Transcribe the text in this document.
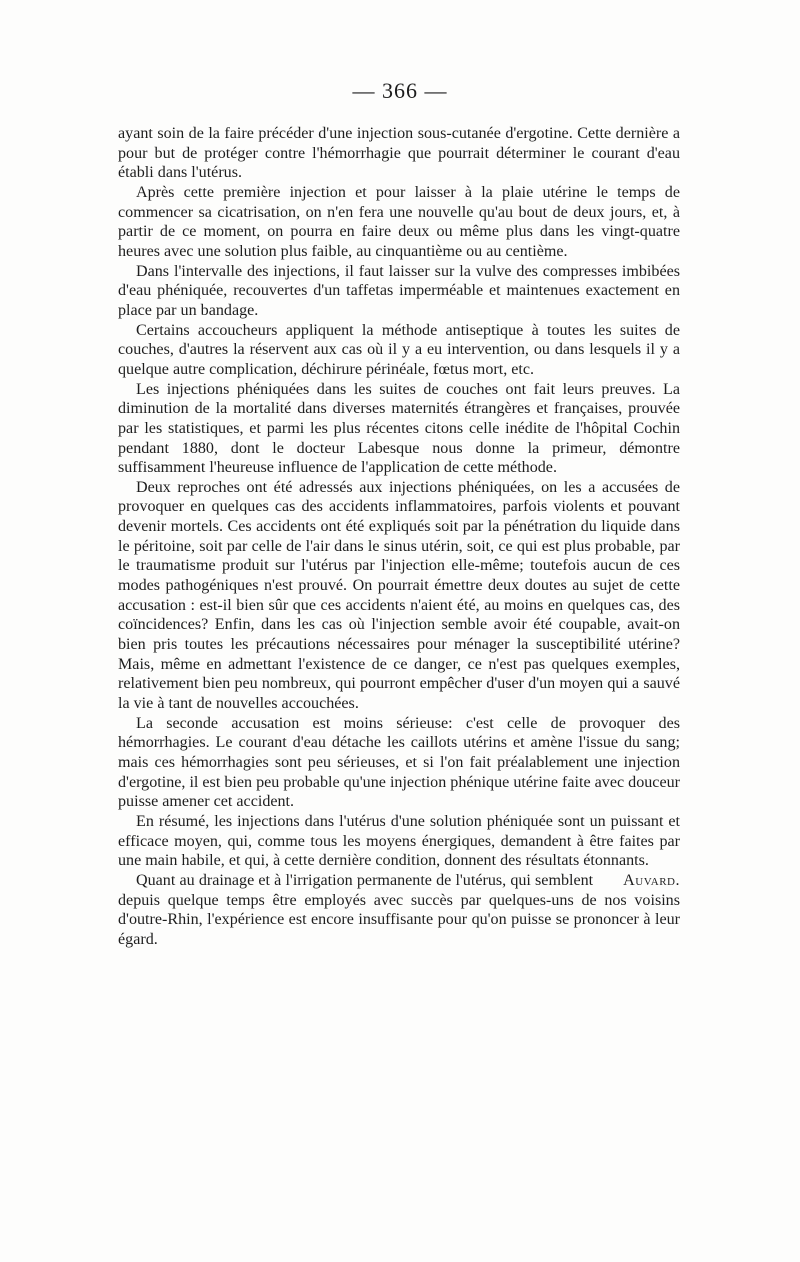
— 366 —

ayant soin de la faire précéder d'une injection sous-cutanée d'ergotine. Cette dernière a pour but de protéger contre l'hémorrhagie que pourrait déterminer le courant d'eau établi dans l'utérus.

Après cette première injection et pour laisser à la plaie utérine le temps de commencer sa cicatrisation, on n'en fera une nouvelle qu'au bout de deux jours, et, à partir de ce moment, on pourra en faire deux ou même plus dans les vingt-quatre heures avec une solution plus faible, au cinquantième ou au centième.

Dans l'intervalle des injections, il faut laisser sur la vulve des compresses imbibées d'eau phéniquée, recouvertes d'un taffetas imperméable et maintenues exactement en place par un bandage.

Certains accoucheurs appliquent la méthode antiseptique à toutes les suites de couches, d'autres la réservent aux cas où il y a eu intervention, ou dans lesquels il y a quelque autre complication, déchirure périnéale, fœtus mort, etc.

Les injections phéniquées dans les suites de couches ont fait leurs preuves. La diminution de la mortalité dans diverses maternités étrangères et françaises, prouvée par les statistiques, et parmi les plus récentes citons celle inédite de l'hôpital Cochin pendant 1880, dont le docteur Labesque nous donne la primeur, démontre suffisamment l'heureuse influence de l'application de cette méthode.

Deux reproches ont été adressés aux injections phéniquées, on les a accusées de provoquer en quelques cas des accidents inflammatoires, parfois violents et pouvant devenir mortels. Ces accidents ont été expliqués soit par la pénétration du liquide dans le péritoine, soit par celle de l'air dans le sinus utérin, soit, ce qui est plus probable, par le traumatisme produit sur l'utérus par l'injection elle-même; toutefois aucun de ces modes pathogéniques n'est prouvé. On pourrait émettre deux doutes au sujet de cette accusation : est-il bien sûr que ces accidents n'aient été, au moins en quelques cas, des coïncidences? Enfin, dans les cas où l'injection semble avoir été coupable, avait-on bien pris toutes les précautions nécessaires pour ménager la susceptibilité utérine? Mais, même en admettant l'existence de ce danger, ce n'est pas quelques exemples, relativement bien peu nombreux, qui pourront empêcher d'user d'un moyen qui a sauvé la vie à tant de nouvelles accouchées.

La seconde accusation est moins sérieuse: c'est celle de provoquer des hémorrhagies. Le courant d'eau détache les caillots utérins et amène l'issue du sang; mais ces hémorrhagies sont peu sérieuses, et si l'on fait préalablement une injection d'ergotine, il est bien peu probable qu'une injection phénique utérine faite avec douceur puisse amener cet accident.

En résumé, les injections dans l'utérus d'une solution phéniquée sont un puissant et efficace moyen, qui, comme tous les moyens énergiques, demandent à être faites par une main habile, et qui, à cette dernière condition, donnent des résultats étonnants.

Auvard.
Quant au drainage et à l'irrigation permanente de l'utérus, qui semblent depuis quelque temps être employés avec succès par quelques-uns de nos voisins d'outre-Rhin, l'expérience est encore insuffisante pour qu'on puisse se prononcer à leur égard.
